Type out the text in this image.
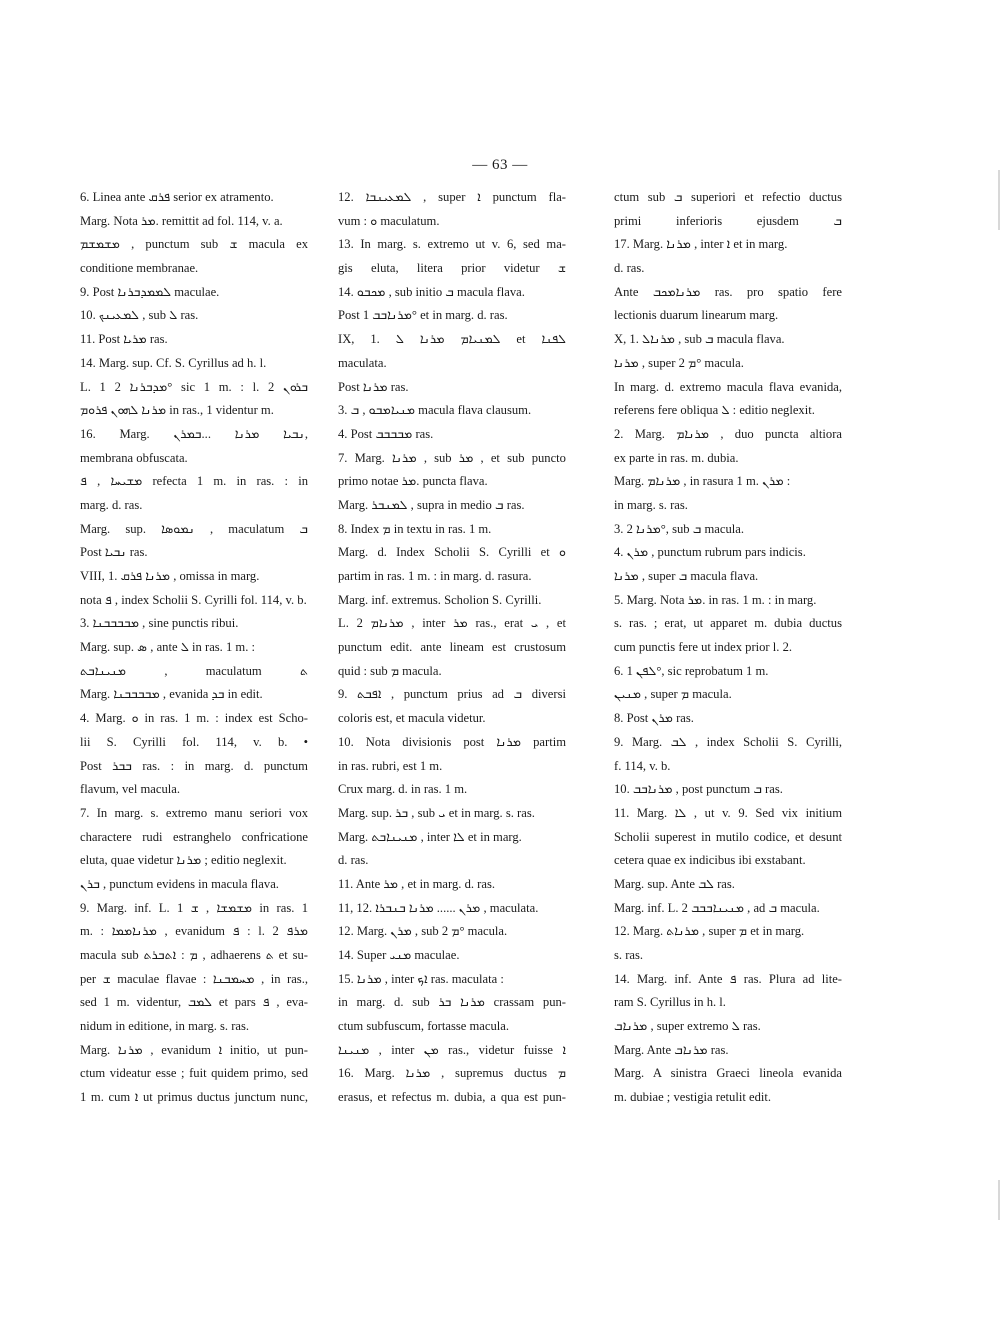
— 63 —
6. Linea ante ܦܪܩ serior ex atramento.
Marg. Nota ܡܪ. remittit ad fol. 114, v. a.
ܡܫܡܫܡ , punctum sub ܫ macula ex
conditione membranae.
9. Post ܠܡܡܕܒܪܢܐ maculae.
10. ܠܡܥܝܢܟ , sub ܠ ras.
11. Post ܡܪܝܐ ras.
14. Marg. sup. Cf. S. Cyrillus ad h. l.
L. 1 ܡܕܒܪܢܐ 2° sic 1 m. : l. 2 ܒܪܘܢ
ܡܪܢܐ ܠܗܘܢ ܦܪܘܡ in ras., 1 videntur m.
16. Marg. ܢܒܝܐ ܡܪܢܐ ...ܒܡܪܢ,
membrana obfuscata.
ܡܫܝܚܐ , ܦ refecta 1 m. in ras. : in
marg. d. ras.
Marg. sup. ܢܡܘܣܐ , maculatum ܒ
Post ܢܒܝܐ ras.
VIII, 1. ܡܪܢܐ ܦܪܩ , omissa in marg.
nota ܦ , index Scholii S. Cyrilli fol. 114, v. b.
3. ܡܒܒܒܒܢܐ , sine punctis ribui.
Marg. sup. ܣ , ante ܠ in ras. 1 m. :
ܡܢܝܢܐܒܬ , maculatum ܬ
Marg. ܡܒܒܒܒܢܐ , evanida ܒܕ in edit.
4. Marg. ܘ in ras. 1 m. : index est Scho-
lii S. Cyrilli fol. 114, v. b. •
Post ܒܒܪ ras. : in marg. d. punctum
flavum, vel macula.
7. In marg. s. extremo manu seriori vox
charactere rudi estranghelo confricatione
eluta, quae videtur ܡܪܢܐ ; editio neglexit.
ܒܪܢ , punctum evidens in macula flava.
9. Marg. inf. L. 1 ܡܫܡܫܐ , ܫ in ras. 1
m. : ܡܪܢܐܡܡܐ , evanidum ܦ : l. 2 ܡܪܦ
macula sub ܡ : ܐܬܒܪܬ , adhaerens ܬ et su-
per ܫ maculae flavae : ܡܚܡܒܢܐ , in ras.,
sed 1 m. videntur, ܠܡܒ et pars ܦ , evа-
nidum in editione, in marg. s. ras.
Marg. ܡܪܢܐ , evanidum ܐ initio, ut pun-
ctum videatur esse ; fuit quidem primo, sed
1 m. cum ܐ ut primus ductus junctum nunc,
12. ܠܡܥܝܢܒܐ , super ܐ punctum fla-
vum : ܘ maculatum.
13. In marg. s. extremo ut v. 6, sed ma-
gis eluta, litera prior videtur ܫ
14. ܡܟܒܘ , sub initio ܒ macula flava.
Post ܡܪܢܐܒܒ 1° et in marg. d. ras.
IX, 1. ܠܡܢܝܐܡ ܡܪܢܐ ܠ et ܠܦܢܐ
maculata.
Post ܡܪܢܐ ras.
3. ܡܢܝܐܡܒܘ , ܒ macula flava clausum.
4. Post ܡܒܒܒܒ ras.
7. Marg. ܡܪܢܐ , sub ܡܪ , et sub puncto
primo notae ܡܪ. puncta flava.
Marg. ܠܡܢܒܪ , supra in medio ܒ ras.
8. Index ܡ in textu in ras. 1 m.
Marg. d. Index Scholii S. Cyrilli et ܘ
partim in ras. 1 m. : in marg. d. rasura.
Marg. inf. extremus. Scholion S. Cyrilli.
L. 2 ܡܪܢܐܡ , inter ܡܪ ras., erat ܝ , et
punctum edit. ante lineam est crustosum
quid : sub ܡ macula.
9. ܐܦܒܬ , punctum prius ad ܒ diversi
coloris est, et macula videtur.
10. Nota divisionis post ܡܪܢܐ partim
in ras. rubri, est 1 m.
Crux marg. d. in ras. 1 m.
Marg. sup. ܒܪ , sub ܝ et in marg. s. ras.
Marg. ܡܢܝܢܐܒܬ , inter ܠܐ et in marg.
d. ras.
11. Ante ܡܪ , et in marg. d. ras.
11, 12. ܡܪܢ ...... ܡܪܢܐ ܒܢܒܪܐ , maculata.
12. Marg. ܡܪܢ , sub ܡ 2° macula.
14. Super ܡܢܝ maculae.
15. ܡܪܢܐ , inter ܐܟ ras. maculata :
in marg. d. sub ܡܪܢܐ ܒܪ crassam pun-
ctum subfuscum, fortasse macula.
ܡܢܝܢܐ , inter ܡܢ ras., videtur fuisse ܐ
16. Marg. ܡܪܢܐ , supremus ductus ܡ
erasus, et refectus m. dubia, a qua est pun-
ctum sub ܒ superiori et refectio ductus
primi inferioris ejusdem ܒ
17. Marg. ܡܪܢܐ , inter ܐ et in marg.
d. ras.
Ante ܡܪܢܐܡܟܒ ras. pro spatio fere
lectionis duarum linearum marg.
X, 1. ܡܪܢܐܠ , sub ܒ macula flava.
ܡܪܢܐ , super ܡ 2° macula.
In marg. d. extremo macula flava evanida,
referens fere obliqua ܠ : editio neglexit.
2. Marg. ܡܪܢܐܡ , duo puncta altiora
ex parte in ras. m. dubia.
Marg. ܡܪܢܐܡ , in rasura 1 m. ܡܪܢ :
in marg. s. ras.
3. ܡܪܢܐ 2°, sub ܒ macula.
4. ܡܪܢ , punctum rubrum pars indicis.
ܡܪܢܐ , super ܒ macula flava.
5. Marg. Nota ܡܪ. in ras. 1 m. : in marg.
s. ras. ; erat, ut apparet m. dubia ductus
cum punctis fere ut index prior l. 2.
6. ܠܦܢ 1°, sic reprobatum 1 m.
ܡܢܝܢ , super ܡ macula.
8. Post ܡܪܢ ras.
9. Marg. ܠܒ , index Scholii S. Cyrilli,
f. 114, v. b.
10. ܡܪܢܐܒܒ , post punctum ܒ ras.
11. Marg. ܠܐ , ut v. 9. Sed vix initium
Scholii superest in mutilo codice, et desunt
cetera quae ex indicibus ibi exstabant.
Marg. sup. Ante ܠܒ ras.
Marg. inf. L. 2 ܡܢܝܢܐܒܒܒ , ad ܒ macula.
12. Marg. ܡܪܢܐܬ , super ܡ et in marg.
s. ras.
14. Marg. inf. Ante ܦ ras. Plura ad lite-
ram S. Cyrillus in h. l.
ܡܪܢܐܒ , super extremo ܠ ras.
Marg. Ante ܡܪܢܐܒ ras.
Marg. A sinistra Graeci lineola evanida
m. dubiae ; vestigia retulit edit.
